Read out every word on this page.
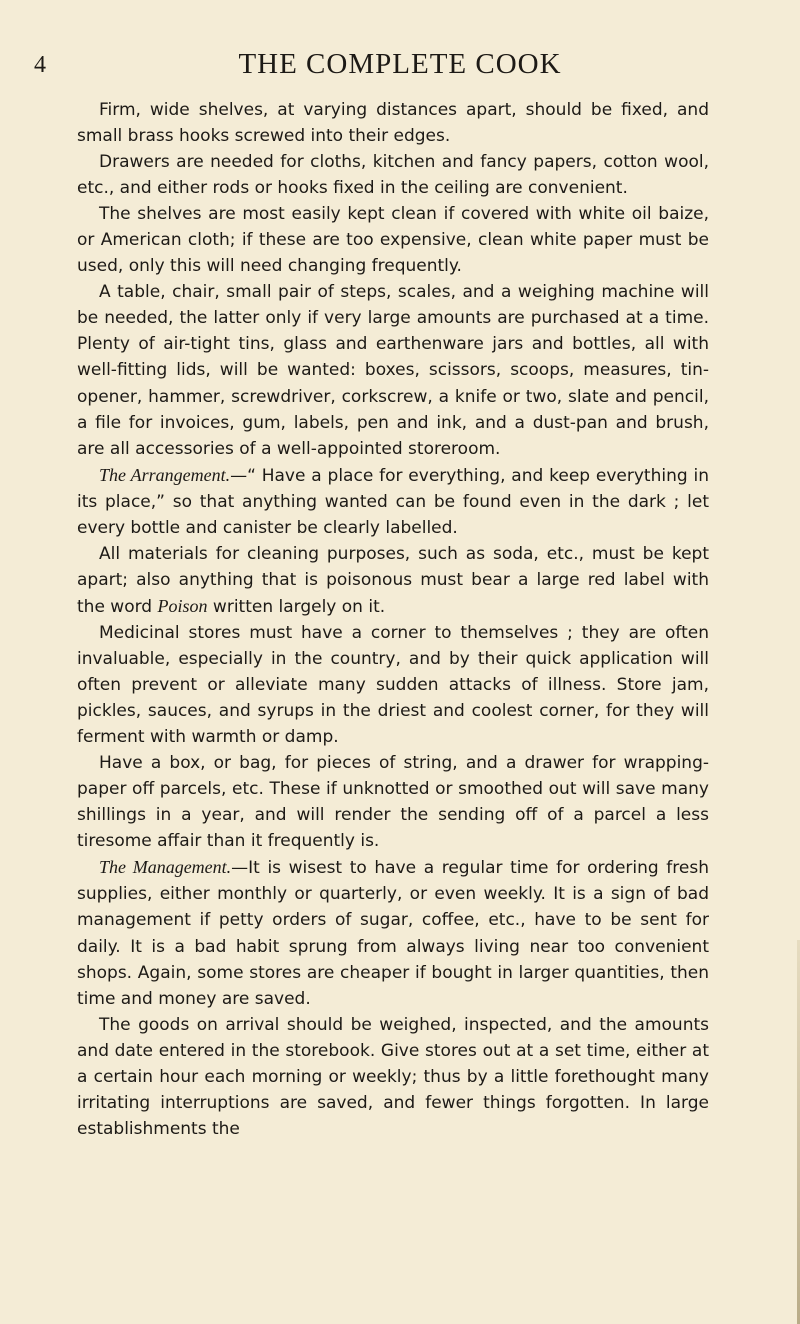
4	THE COMPLETE COOK

Firm, wide shelves, at varying distances apart, should be fixed, and small brass hooks screwed into their edges.

Drawers are needed for cloths, kitchen and fancy papers, cotton wool, etc., and either rods or hooks fixed in the ceiling are convenient.

The shelves are most easily kept clean if covered with white oil baize, or American cloth; if these are too expensive, clean white paper must be used, only this will need changing frequently.

A table, chair, small pair of steps, scales, and a weighing machine will be needed, the latter only if very large amounts are purchased at a time. Plenty of air-tight tins, glass and earthenware jars and bottles, all with well-fitting lids, will be wanted: boxes, scissors, scoops, measures, tin-opener, hammer, screwdriver, corkscrew, a knife or two, slate and pencil, a file for invoices, gum, labels, pen and ink, and a dust-pan and brush, are all accessories of a well-appointed storeroom.

The Arrangement.—“ Have a place for everything, and keep everything in its place,” so that anything wanted can be found even in the dark ; let every bottle and canister be clearly labelled.

All materials for cleaning purposes, such as soda, etc., must be kept apart; also anything that is poisonous must bear a large red label with the word Poison written largely on it.

Medicinal stores must have a corner to themselves ; they are often invaluable, especially in the country, and by their quick application will often prevent or alleviate many sudden attacks of illness. Store jam, pickles, sauces, and syrups in the driest and coolest corner, for they will ferment with warmth or damp.

Have a box, or bag, for pieces of string, and a drawer for wrapping-paper off parcels, etc. These if unknotted or smoothed out will save many shillings in a year, and will render the sending off of a parcel a less tiresome affair than it frequently is.

The Management.—It is wisest to have a regular time for ordering fresh supplies, either monthly or quarterly, or even weekly. It is a sign of bad management if petty orders of sugar, coffee, etc., have to be sent for daily. It is a bad habit sprung from always living near too convenient shops. Again, some stores are cheaper if bought in larger quantities, then time and money are saved.

The goods on arrival should be weighed, inspected, and the amounts and date entered in the storebook. Give stores out at a set time, either at a certain hour each morning or weekly; thus by a little forethought many irritating interruptions are saved, and fewer things forgotten. In large establishments the
